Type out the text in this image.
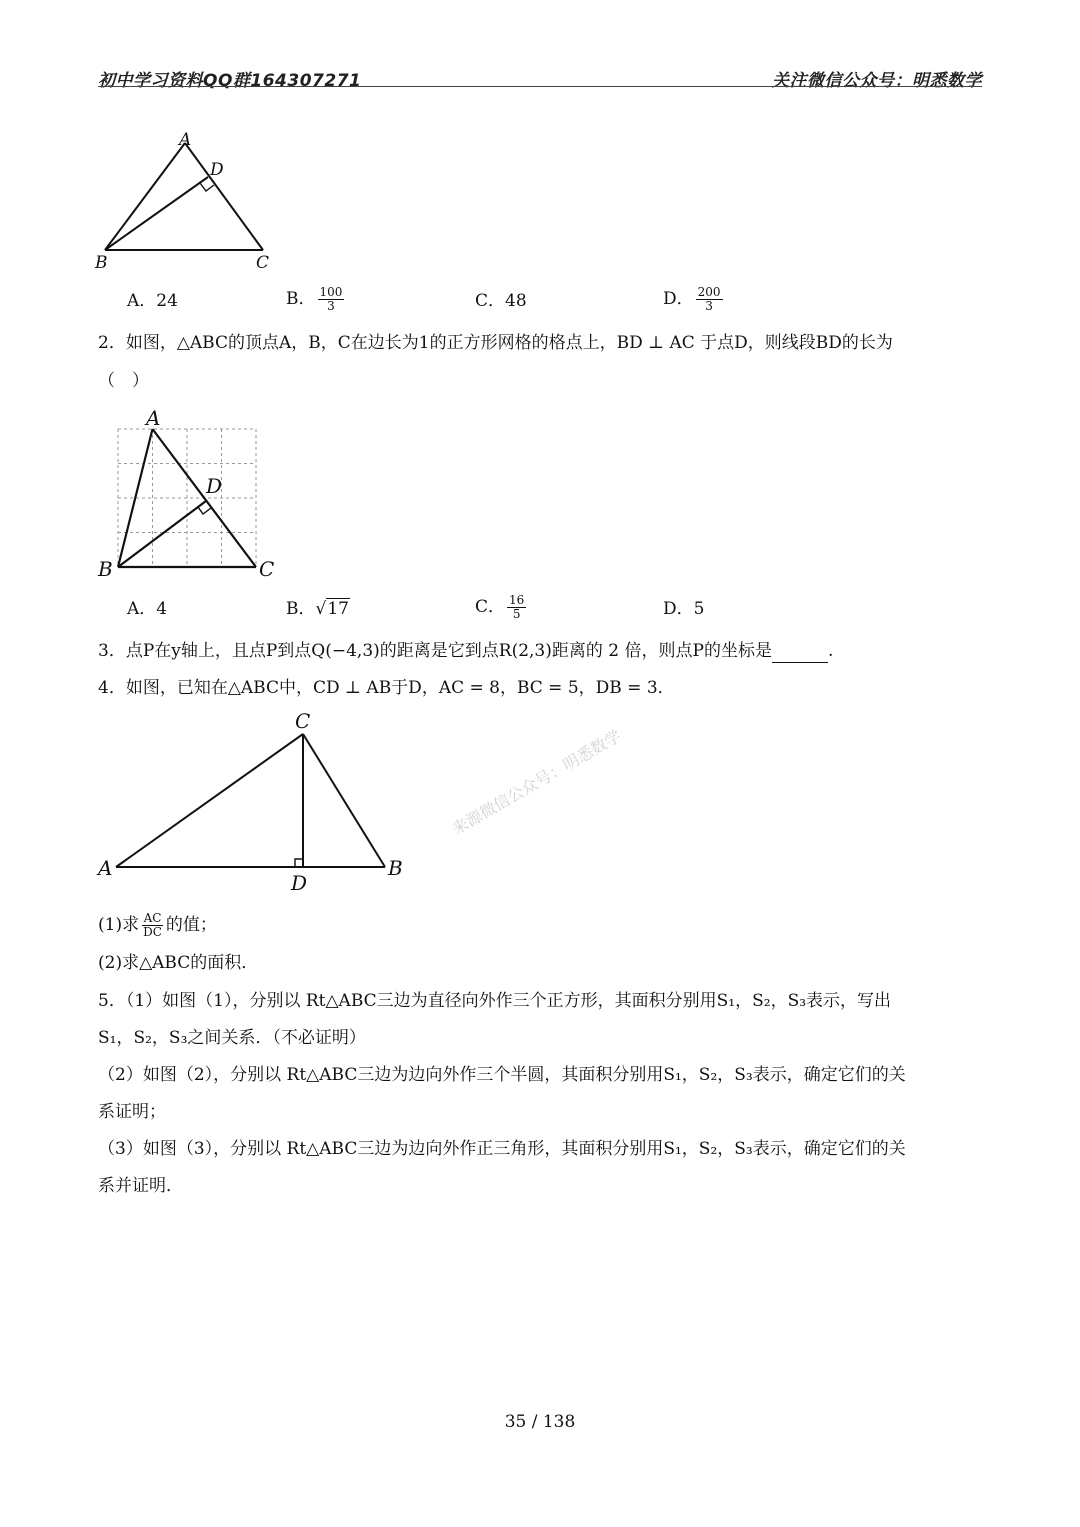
初中学习资料QQ群164307271	关注微信公众号：明悉数学
A
B	C
D
A．24	B． $\frac{100}{3}$	C．48	D． $\frac{200}{3}$
2．如图，△ABC的顶点A，B，C在边长为1的正方形网格的格点上，BD ⊥ AC 于点D，则线段BD的长为
（　）
A
B	C
D
A．4	B．√17	C． $\frac{16}{5}$	D．5
3．点P在y轴上，且点P到点Q(−4,3)的距离是它到点R(2,3)距离的 2 倍，则点P的坐标是	.
4．如图，已知在△ABC中，CD ⊥ AB于D，AC = 8，BC = 5，DB = 3．
C
A	B
D
(1)求 $\frac{AC}{DC}$ 的值；
(2)求△ABC的面积．
5．（1）如图（1），分别以 Rt△ABC三边为直径向外作三个正方形，其面积分别用S₁，S₂，S₃表示，写出
S₁，S₂，S₃之间关系．（不必证明）
（2）如图（2），分别以 Rt△ABC三边为边向外作三个半圆，其面积分别用S₁，S₂，S₃表示，确定它们的关
系证明；
（3）如图（3），分别以 Rt△ABC三边为边向外作正三角形，其面积分别用S₁，S₂，S₃表示，确定它们的关
系并证明．
来源微信公众号：明悉数学
35 / 138
